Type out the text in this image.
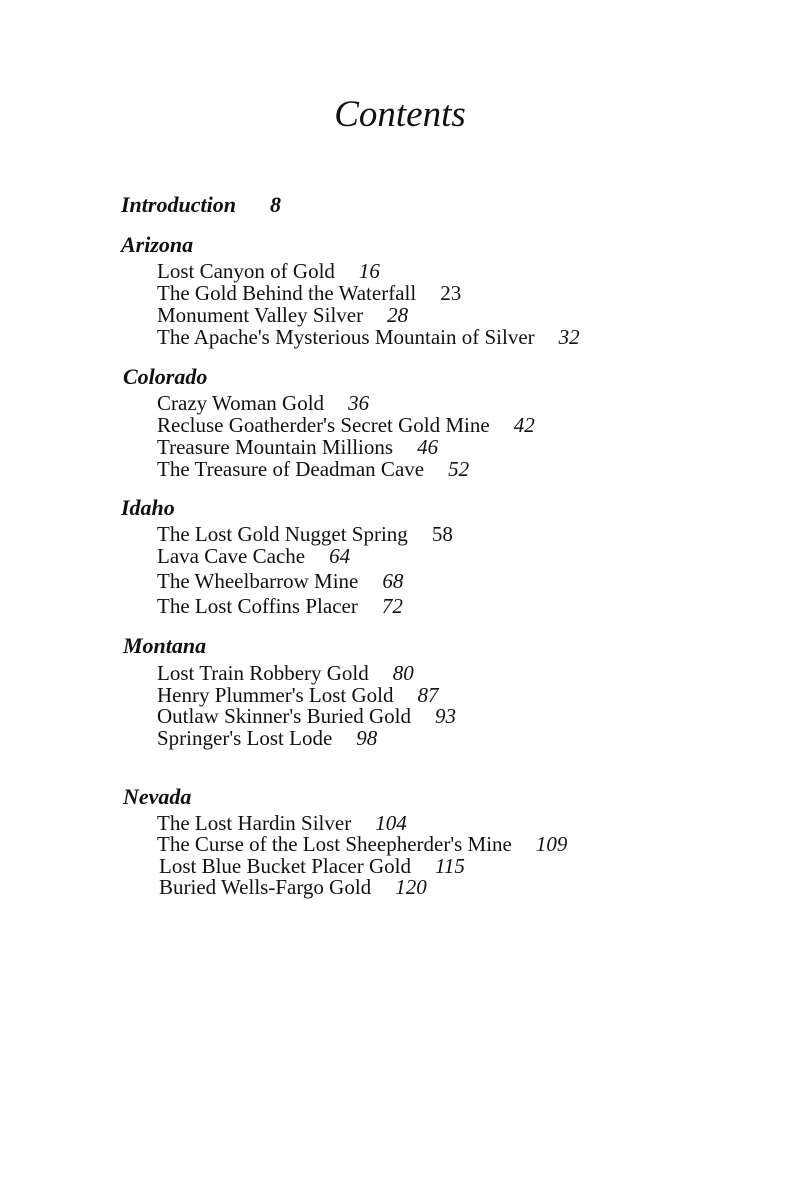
Contents
Introduction 8
Arizona
Lost Canyon of Gold 16
The Gold Behind the Waterfall 23
Monument Valley Silver 28
The Apache's Mysterious Mountain of Silver 32
Colorado
Crazy Woman Gold 36
Recluse Goatherder's Secret Gold Mine 42
Treasure Mountain Millions 46
The Treasure of Deadman Cave 52
Idaho
The Lost Gold Nugget Spring 58
Lava Cave Cache 64
The Wheelbarrow Mine 68
The Lost Coffins Placer 72
Montana
Lost Train Robbery Gold 80
Henry Plummer's Lost Gold 87
Outlaw Skinner's Buried Gold 93
Springer's Lost Lode 98
Nevada
The Lost Hardin Silver 104
The Curse of the Lost Sheepherder's Mine 109
Lost Blue Bucket Placer Gold 115
Buried Wells-Fargo Gold 120
